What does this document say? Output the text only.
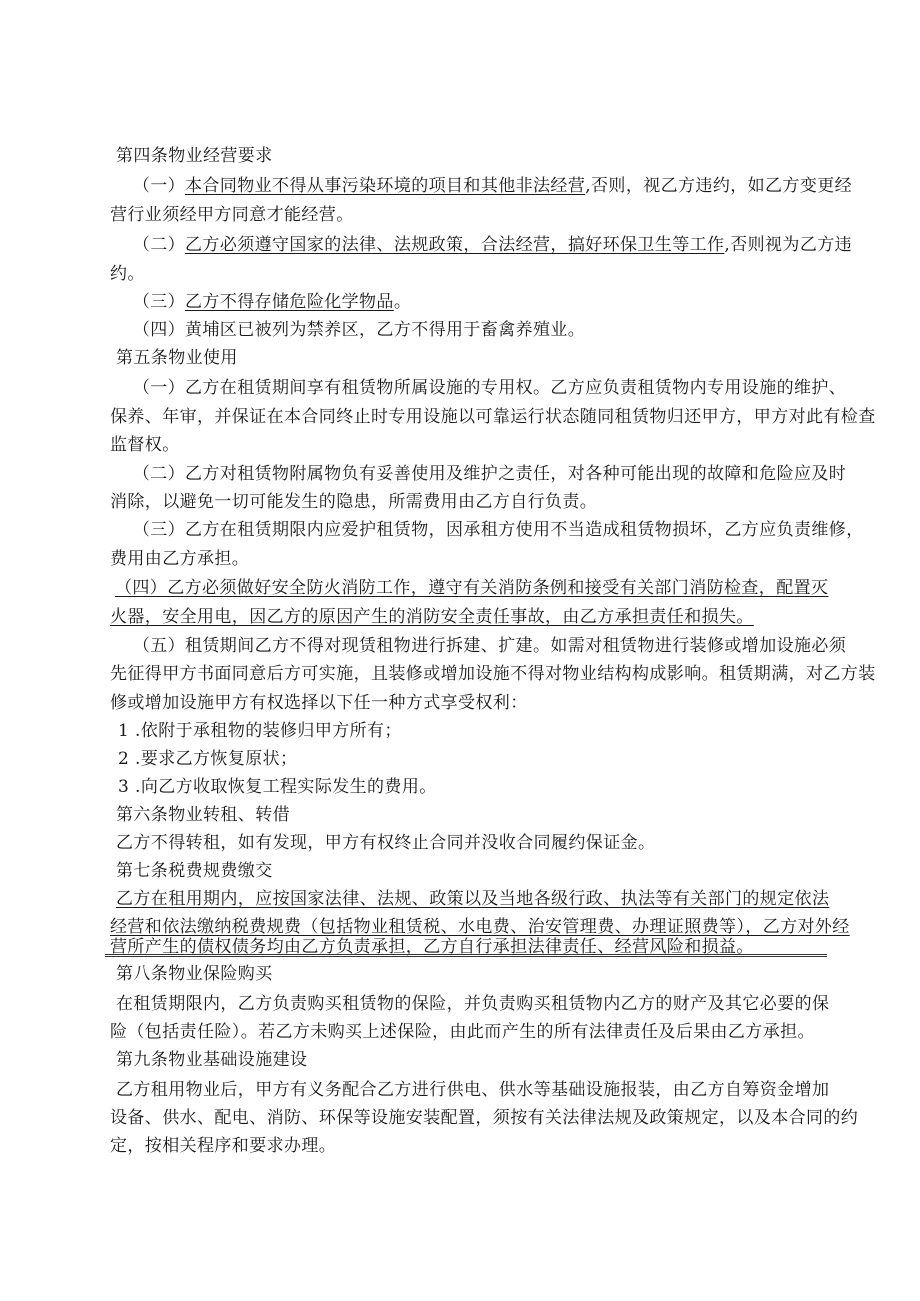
第四条物业经营要求
  （一）本合同物业不得从事污染环境的项目和其他非法经营,否则，视乙方违约，如乙方变更经
营行业须经甲方同意才能经营。
  （二）乙方必须遵守国家的法律、法规政策，合法经营，搞好环保卫生等工作,否则视为乙方违
约。
  （三）乙方不得存储危险化学物品。
  （四）黄埔区已被列为禁养区，乙方不得用于畜禽养殖业。
第五条物业使用
  （一）乙方在租赁期间享有租赁物所属设施的专用权。乙方应负责租赁物内专用设施的维护、
保养、年审，并保证在本合同终止时专用设施以可靠运行状态随同租赁物归还甲方，甲方对此有检查
监督权。
  （二）乙方对租赁物附属物负有妥善使用及维护之责任，对各种可能出现的故障和危险应及时
消除，以避免一切可能发生的隐患，所需费用由乙方自行负责。
  （三）乙方在租赁期限内应爱护租赁物，因承租方使用不当造成租赁物损坏，乙方应负责维修，
费用由乙方承担。
（四）乙方必须做好安全防火消防工作，遵守有关消防条例和接受有关部门消防检查，配置灭
火器，安全用电，因乙方的原因产生的消防安全责任事故，由乙方承担责任和损失。
  （五）租赁期间乙方不得对现赁租物进行拆建、扩建。如需对租赁物进行装修或增加设施必须
先征得甲方书面同意后方可实施，且装修或增加设施不得对物业结构构成影响。租赁期满，对乙方装
修或增加设施甲方有权选择以下任一种方式享受权利：
1 .依附于承租物的装修归甲方所有；
2 .要求乙方恢复原状；
3 .向乙方收取恢复工程实际发生的费用。
第六条物业转租、转借
乙方不得转租，如有发现，甲方有权终止合同并没收合同履约保证金。
第七条税费规费缴交
乙方在租用期内，应按国家法律、法规、政策以及当地各级行政、执法等有关部门的规定依法
经营和依法缴纳税费规费（包括物业租赁税、水电费、治安管理费、办理证照费等），乙方对外经
营所产生的债权债务均由乙方负责承担，乙方自行承担法律责任、经营风险和损益。
第八条物业保险购买
在租赁期限内，乙方负责购买租赁物的保险，并负责购买租赁物内乙方的财产及其它必要的保
险（包括责任险）。若乙方未购买上述保险，由此而产生的所有法律责任及后果由乙方承担。
第九条物业基础设施建设
乙方租用物业后，甲方有义务配合乙方进行供电、供水等基础设施报装，由乙方自筹资金增加
设备、供水、配电、消防、环保等设施安装配置，须按有关法律法规及政策规定，以及本合同的约
定，按相关程序和要求办理。
